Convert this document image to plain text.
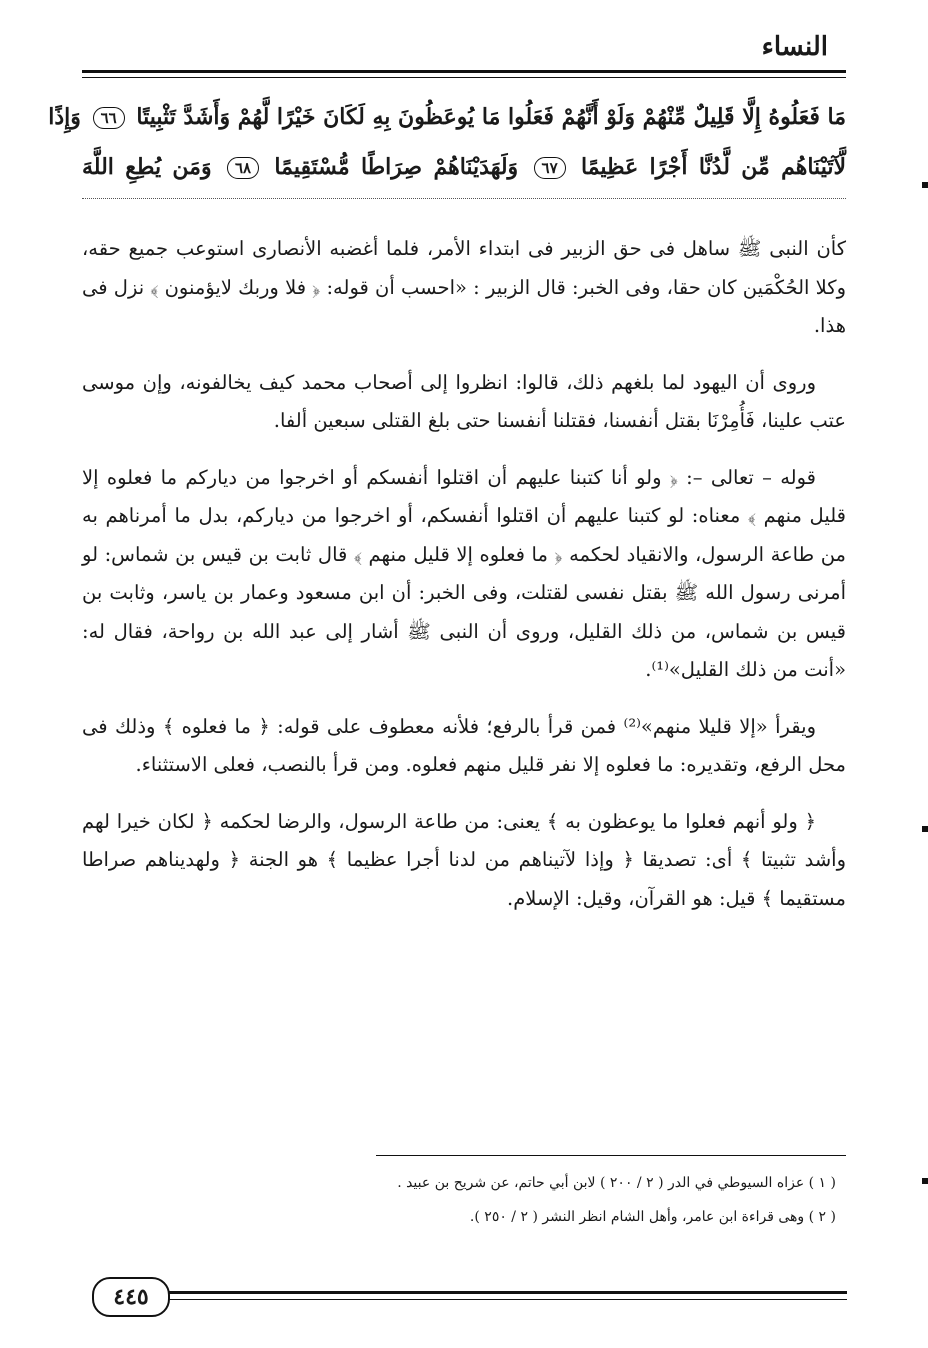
النساء
مَا فَعَلُوهُ إِلَّا قَلِيلٌ مِّنْهُمْ وَلَوْ أَنَّهُمْ فَعَلُوا مَا يُوعَظُونَ بِهِ لَكَانَ خَيْرًا لَّهُمْ وَأَشَدَّ تَثْبِيتًا ٦٦ وَإِذًا
لَّآتَيْنَاهُم مِّن لَّدُنَّا أَجْرًا عَظِيمًا ٦٧ وَلَهَدَيْنَاهُمْ صِرَاطًا مُّسْتَقِيمًا ٦٨ وَمَن يُطِعِ اللَّهَ

كأن النبى ﷺ ساهل فى حق الزبير فى ابتداء الأمر، فلما أغضبه الأنصارى استوعب جميع حقه، وكلا الحُكْمَين كان حقا، وفى الخبر: قال الزبير : «احسب أن قوله: ﴿ فلا وربك لايؤمنون ﴾ نزل فى هذا.

وروى أن اليهود لما بلغهم ذلك، قالوا: انظروا إلى أصحاب محمد كيف يخالفونه، وإن موسى عتب علينا، فَأُمِرْنَا بقتل أنفسنا، فقتلنا أنفسنا حتى بلغ القتلى سبعين ألفا.

قوله – تعالى –: ﴿ ولو أنا كتبنا عليهم أن اقتلوا أنفسكم أو اخرجوا من دياركم ما فعلوه إلا قليل منهم ﴾ معناه: لو كتبنا عليهم أن اقتلوا أنفسكم، أو اخرجوا من دياركم، بدل ما أمرناهم به من طاعة الرسول، والانقياد لحكمه ﴿ ما فعلوه إلا قليل منهم ﴾ قال ثابت بن قيس بن شماس: لو أمرنى رسول الله ﷺ بقتل نفسى لقتلت، وفى الخبر: أن ابن مسعود وعمار بن ياسر، وثابت بن قيس بن شماس، من ذلك القليل، وروى أن النبى ﷺ أشار إلى عبد الله بن رواحة، فقال له: «أنت من ذلك القليل»⁽¹⁾.

ويقرأ «إلا قليلا منهم»⁽²⁾ فمن قرأ بالرفع؛ فلأنه معطوف على قوله: ﴿ ما فعلوه ﴾ وذلك فى محل الرفع، وتقديره: ما فعلوه إلا نفر قليل منهم فعلوه. ومن قرأ بالنصب، فعلى الاستثناء.

﴿ ولو أنهم فعلوا ما يوعظون به ﴾ يعنى: من طاعة الرسول، والرضا لحكمه ﴿ لكان خيرا لهم وأشد تثبيتا ﴾ أى: تصديقا ﴿ وإذا لآتيناهم من لدنا أجرا عظيما ﴾ هو الجنة ﴿ ولهديناهم صراطا مستقيما ﴾ قيل: هو القرآن، وقيل: الإسلام.

( ١ ) عزاه السيوطي في الدر ( ٢ / ٢٠٠ ) لابن أبي حاتم، عن شريح بن عبيد .
( ٢ ) وهى قراءة ابن عامر، وأهل الشام انظر النشر ( ٢ / ٢٥٠ ).
٤٤٥
